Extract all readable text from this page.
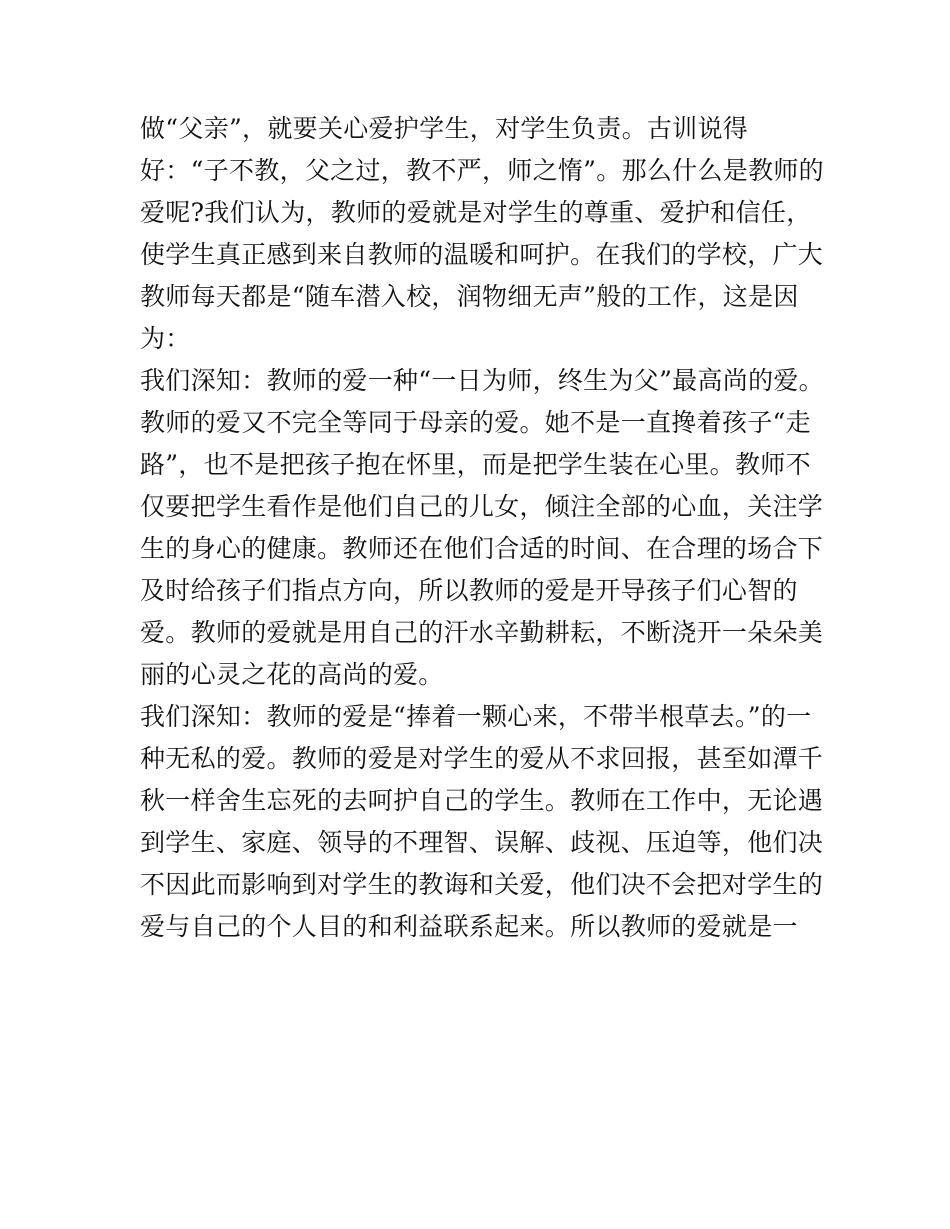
做“父亲”，就要关心爱护学生，对学生负责。古训说得
好：“子不教，父之过，教不严，师之惰”。那么什么是教师的
爱呢?我们认为，教师的爱就是对学生的尊重、爱护和信任，
使学生真正感到来自教师的温暖和呵护。在我们的学校，广大
教师每天都是“随车潜入校，润物细无声”般的工作，这是因
为：
我们深知：教师的爱一种“一日为师，终生为父”最高尚的爱。
教师的爱又不完全等同于母亲的爱。她不是一直搀着孩子“走
路”，也不是把孩子抱在怀里，而是把学生装在心里。教师不
仅要把学生看作是他们自己的儿女，倾注全部的心血，关注学
生的身心的健康。教师还在他们合适的时间、在合理的场合下
及时给孩子们指点方向，所以教师的爱是开导孩子们心智的
爱。教师的爱就是用自己的汗水辛勤耕耘，不断浇开一朵朵美
丽的心灵之花的高尚的爱。
我们深知：教师的爱是“捧着一颗心来，不带半根草去。”的一
种无私的爱。教师的爱是对学生的爱从不求回报，甚至如潭千
秋一样舍生忘死的去呵护自己的学生。教师在工作中，无论遇
到学生、家庭、领导的不理智、误解、歧视、压迫等，他们决
不因此而影响到对学生的教诲和关爱，他们决不会把对学生的
爱与自己的个人目的和利益联系起来。所以教师的爱就是一
